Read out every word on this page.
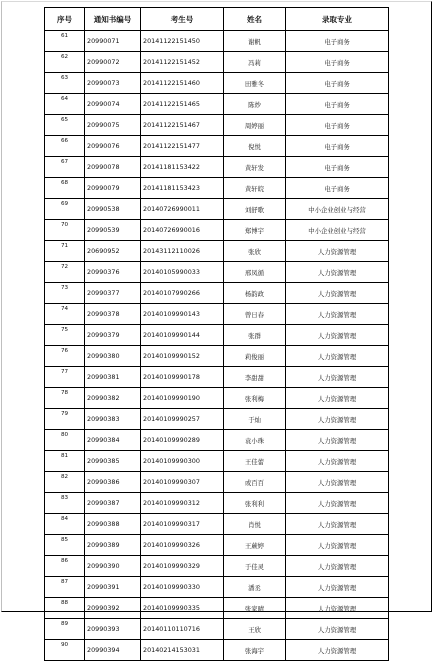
序号	通知书编号	考生号	姓名	录取专业
61	20990071	20141122151450	谢帆	电子商务
62	20990072	20141122151452	冯莉	电子商务
63	20990073	20141122151460	田雅冬	电子商务
64	20990074	20141122151465	陈炒	电子商务
65	20990075	20141122151467	周婷丽	电子商务
66	20990076	20141122151477	倪悦	电子商务
67	20990078	20141181153422	黄轩发	电子商务
68	20990079	20141181153423	黄轩皖	电子商务
69	20990538	20140726990011	刘舒歌	中小企业创业与经营
70	20990539	20140726990016	郑博宇	中小企业创业与经营
71	20690952	20143112110026	张欣	人力资源管理
72	20990376	20140105990033	邢凤循	人力资源管理
73	20990377	20140107990266	杨韵政	人力资源管理
74	20990378	20140109990143	曾日春	人力资源管理
75	20990379	20140109990144	张群	人力资源管理
76	20990380	20140109990152	莉俊丽	人力资源管理
77	20990381	20140109990178	李甜甜	人力资源管理
78	20990382	20140109990190	张利梅	人力资源管理
79	20990383	20140109990257	于灿	人力资源管理
80	20990384	20140109990289	袁小珠	人力资源管理
81	20990385	20140109990300	王佳蕾	人力资源管理
82	20990386	20140109990307	或百百	人力资源管理
83	20990387	20140109990312	张利利	人力资源管理
84	20990388	20140109990317	肖悦	人力资源管理
85	20990389	20140109990326	王蕨婷	人力资源管理
86	20990390	20140109990329	于佳灵	人力资源管理
87	20990391	20140109990330	潘丞	人力资源管理
88	20990392	20140109990335	张家晴	人力资源管理
89	20990393	20140110110716	王欣	人力资源管理
90	20990394	20140214153031	张海宇	人力资源管理
